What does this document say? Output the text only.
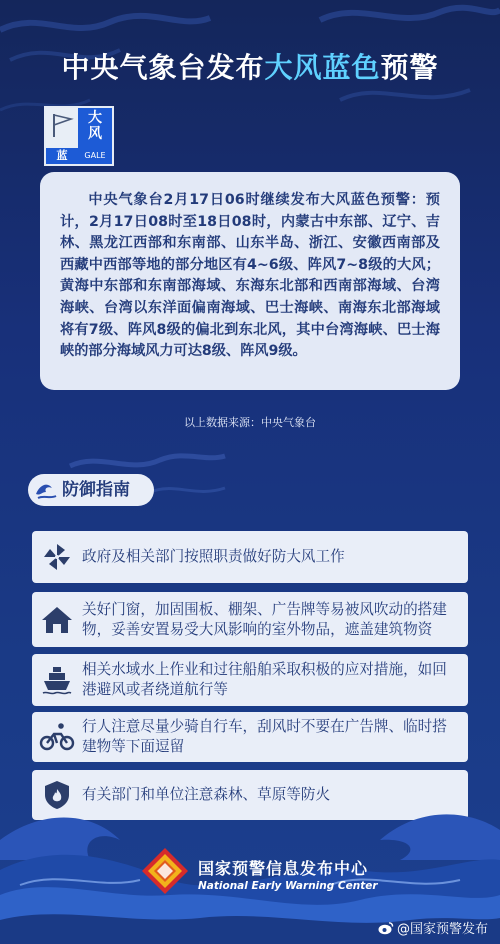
中央气象台发布大风蓝色预警
蓝
大风
GALE

中央气象台2月17日06时继续发布大风蓝色预警：预计，2月17日08时至18日08时，内蒙古中东部、辽宁、吉林、黑龙江西部和东南部、山东半岛、浙江、安徽西南部及西藏中西部等地的部分地区有4~6级、阵风7~8级的大风；黄海中东部和东南部海域、东海东北部和西南部海域、台湾海峡、台湾以东洋面偏南海域、巴士海峡、南海东北部海域将有7级、阵风8级的偏北到东北风，其中台湾海峡、巴士海峡的部分海域风力可达8级、阵风9级。

以上数据来源：中央气象台
防御指南
政府及相关部门按照职责做好防大风工作
关好门窗，加固围板、棚架、广告牌等易被风吹动的搭建物，妥善安置易受大风影响的室外物品，遮盖建筑物资
相关水域水上作业和过往船舶采取积极的应对措施，如回港避风或者绕道航行等
行人注意尽量少骑自行车，刮风时不要在广告牌、临时搭建物等下面逗留
有关部门和单位注意森林、草原等防火
国家预警信息发布中心
National Early Warning Center
@国家预警发布
